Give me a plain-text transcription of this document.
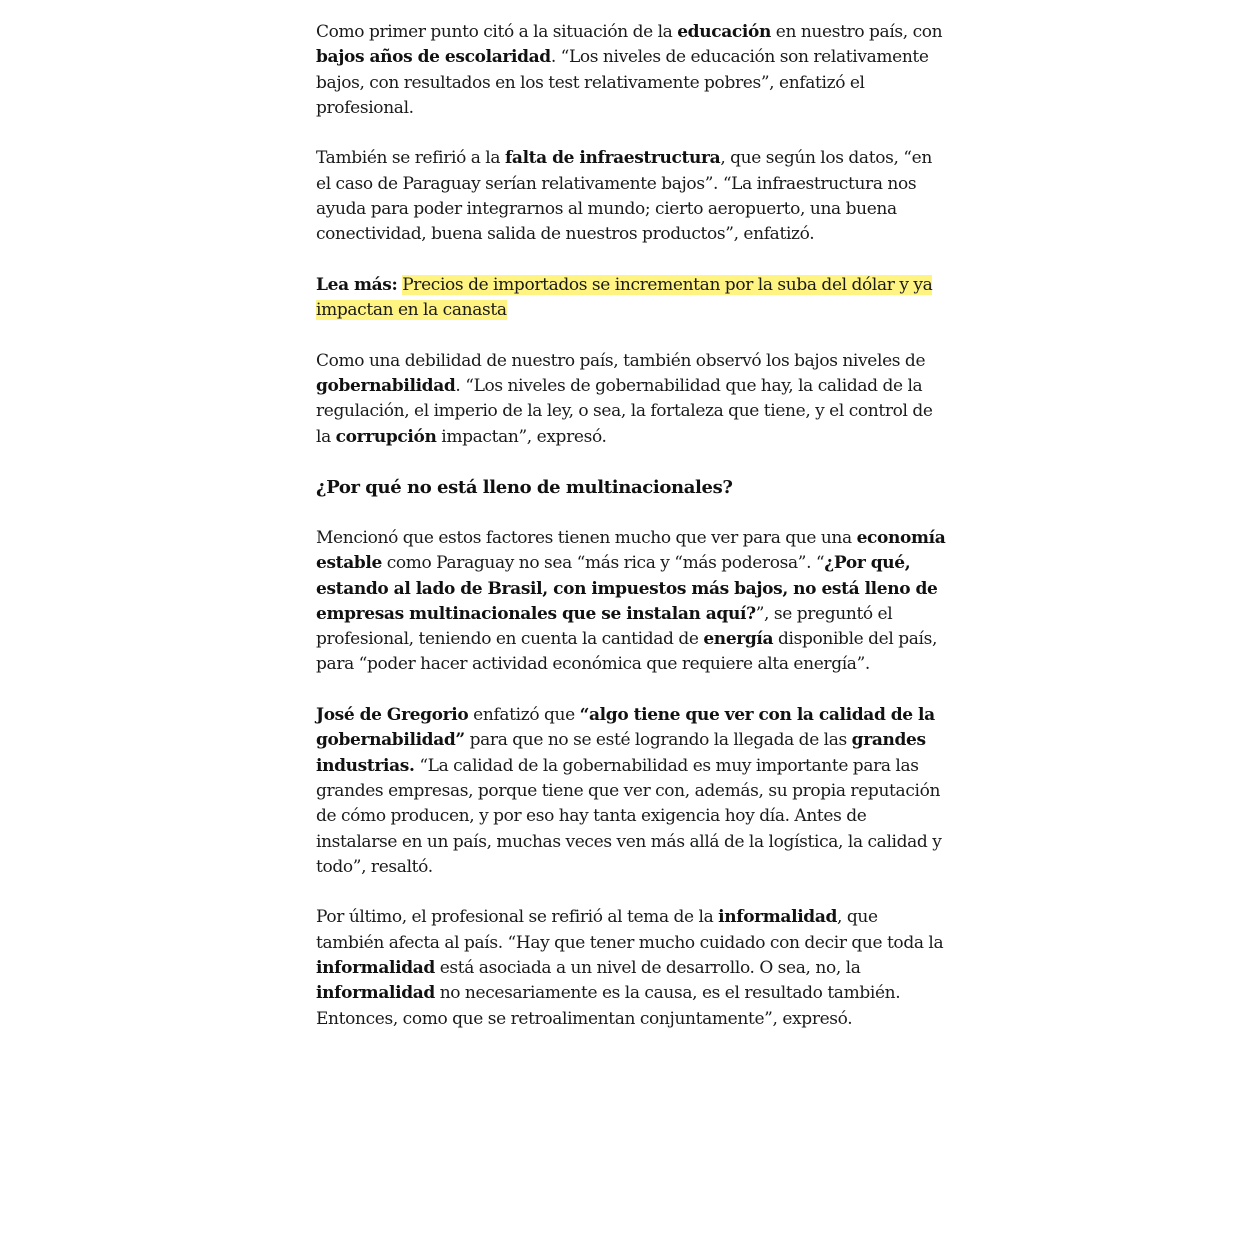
Como primer punto citó a la situación de la educación en nuestro país, con bajos años de escolaridad. “Los niveles de educación son relativamente bajos, con resultados en los test relativamente pobres”, enfatizó el profesional.

También se refirió a la falta de infraestructura, que según los datos, “en el caso de Paraguay serían relativamente bajos”. “La infraestructura nos ayuda para poder integrarnos al mundo; cierto aeropuerto, una buena conectividad, buena salida de nuestros productos”, enfatizó.

Lea más: Precios de importados se incrementan por la suba del dólar y ya impactan en la canasta

Como una debilidad de nuestro país, también observó los bajos niveles de gobernabilidad. “Los niveles de gobernabilidad que hay, la calidad de la regulación, el imperio de la ley, o sea, la fortaleza que tiene, y el control de la corrupción impactan”, expresó.

¿Por qué no está lleno de multinacionales?

Mencionó que estos factores tienen mucho que ver para que una economía estable como Paraguay no sea “más rica y “más poderosa”. “¿Por qué, estando al lado de Brasil, con impuestos más bajos, no está lleno de empresas multinacionales que se instalan aquí?”, se preguntó el profesional, teniendo en cuenta la cantidad de energía disponible del país, para “poder hacer actividad económica que requiere alta energía”.

José de Gregorio enfatizó que “algo tiene que ver con la calidad de la gobernabilidad” para que no se esté logrando la llegada de las grandes industrias. “La calidad de la gobernabilidad es muy importante para las grandes empresas, porque tiene que ver con, además, su propia reputación de cómo producen, y por eso hay tanta exigencia hoy día. Antes de instalarse en un país, muchas veces ven más allá de la logística, la calidad y todo”, resaltó.

Por último, el profesional se refirió al tema de la informalidad, que también afecta al país. “Hay que tener mucho cuidado con decir que toda la informalidad está asociada a un nivel de desarrollo. O sea, no, la informalidad no necesariamente es la causa, es el resultado también. Entonces, como que se retroalimentan conjuntamente”, expresó.
